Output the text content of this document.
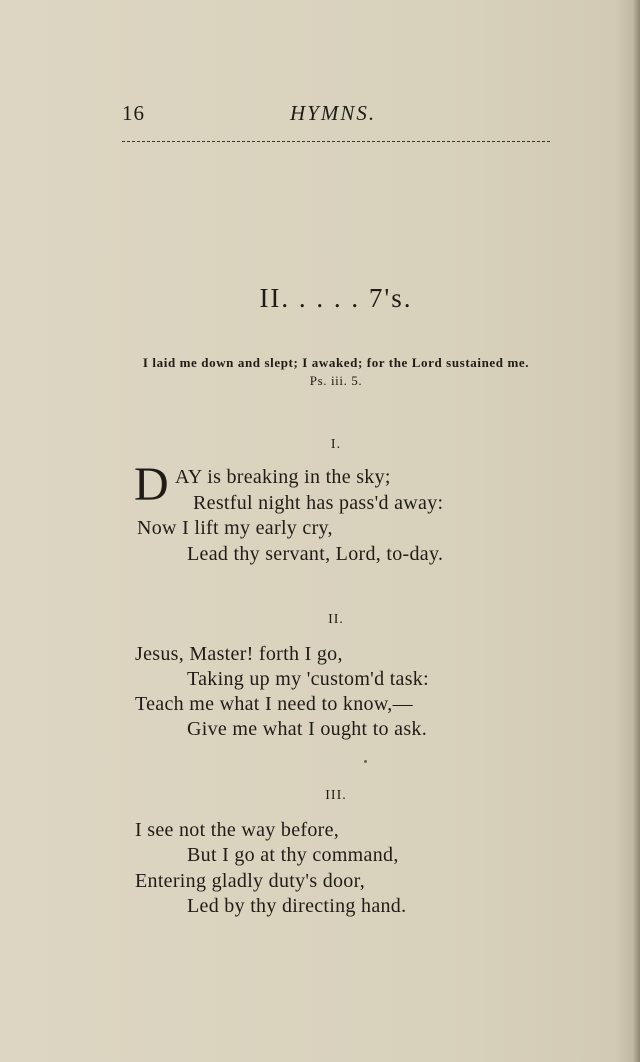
16	HYMNS.
II. . . . . 7's.
I laid me down and slept; I awaked; for the Lord sustained me.
Ps. iii. 5.
I.
D AY is breaking in the sky;
Restful night has pass'd away:
Now I lift my early cry,
Lead thy servant, Lord, to-day.
II.
Jesus, Master! forth I go,
Taking up my 'custom'd task:
Teach me what I need to know,—
Give me what I ought to ask.
III.
I see not the way before,
But I go at thy command,
Entering gladly duty's door,
Led by thy directing hand.
